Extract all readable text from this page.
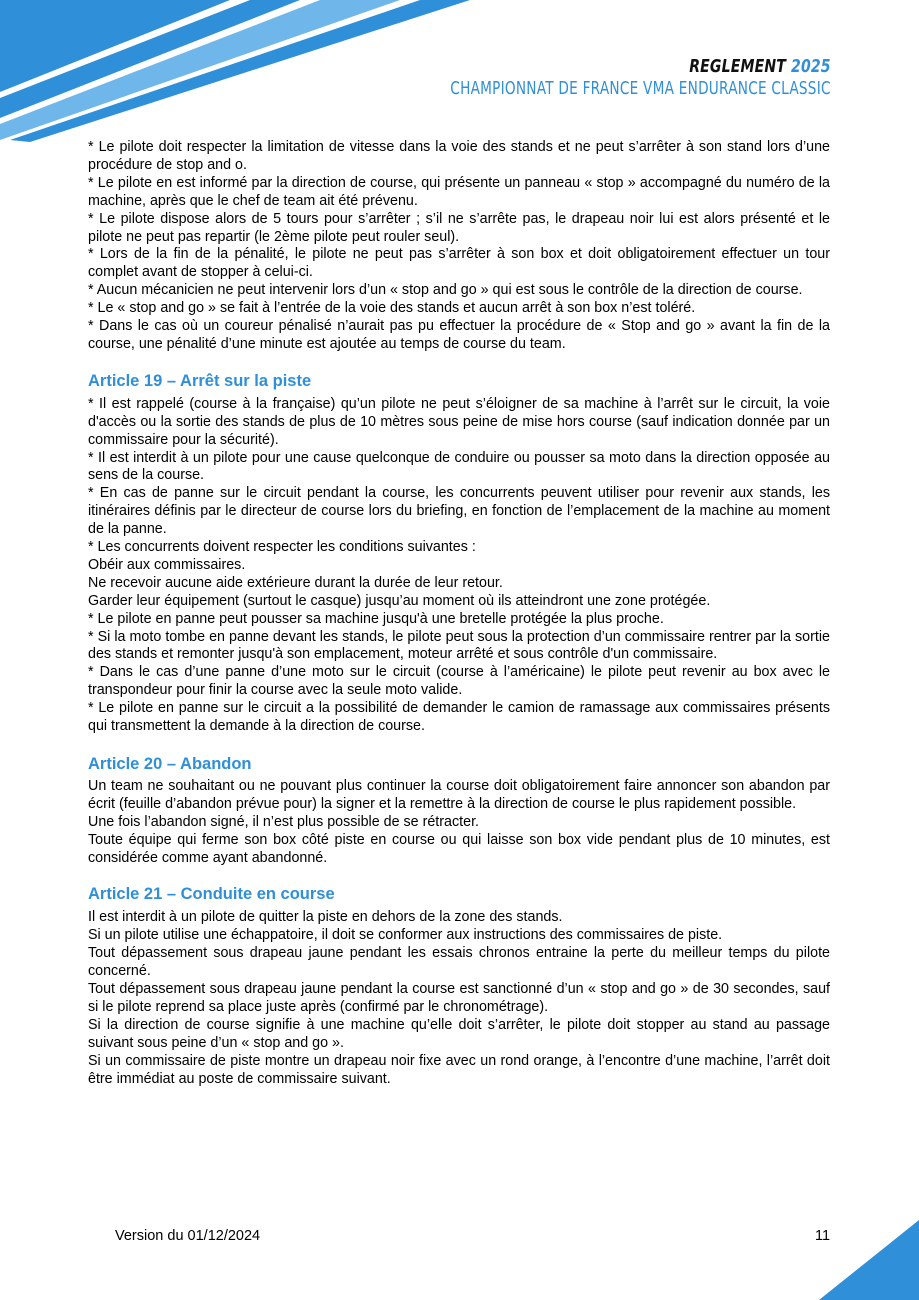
REGLEMENT 2025
CHAMPIONNAT DE FRANCE VMA ENDURANCE CLASSIC

* Le pilote doit respecter la limitation de vitesse dans la voie des stands et ne peut s’arrêter à son stand lors d’une procédure de stop and o.

* Le pilote en est informé par la direction de course, qui présente un panneau « stop » accompagné du numéro de la machine, après que le chef de team ait été prévenu.

* Le pilote dispose alors de 5 tours pour s’arrêter ; s’il ne s’arrête pas, le drapeau noir lui est alors présenté et le pilote ne peut pas repartir (le 2ème pilote peut rouler seul).

* Lors de la fin de la pénalité, le pilote ne peut pas s’arrêter à son box et doit obligatoirement effectuer un tour complet avant de stopper à celui-ci.

* Aucun mécanicien ne peut intervenir lors d’un « stop and go » qui est sous le contrôle de la direction de course.

* Le « stop and go » se fait à l’entrée de la voie des stands et aucun arrêt à son box n’est toléré.

* Dans le cas où un coureur pénalisé n’aurait pas pu effectuer la procédure de « Stop and go » avant la fin de la course, une pénalité d’une minute est ajoutée au temps de course du team.

Article 19 – Arrêt sur la piste

* Il est rappelé (course à la française) qu’un pilote ne peut s’éloigner de sa machine à l’arrêt sur le circuit, la voie d'accès ou la sortie des stands de plus de 10 mètres sous peine de mise hors course (sauf indication donnée par un commissaire pour la sécurité).

* Il est interdit à un pilote pour une cause quelconque de conduire ou pousser sa moto dans la direction opposée au sens de la course.

* En cas de panne sur le circuit pendant la course, les concurrents peuvent utiliser pour revenir aux stands, les itinéraires définis par le directeur de course lors du briefing, en fonction de l’emplacement de la machine au moment de la panne.

* Les concurrents doivent respecter les conditions suivantes :

Obéir aux commissaires.

Ne recevoir aucune aide extérieure durant la durée de leur retour.

Garder leur équipement (surtout le casque) jusqu’au moment où ils atteindront une zone protégée.

* Le pilote en panne peut pousser sa machine jusqu'à une bretelle protégée la plus proche.

* Si la moto tombe en panne devant les stands, le pilote peut sous la protection d’un commissaire rentrer par la sortie des stands et remonter jusqu'à son emplacement, moteur arrêté et sous contrôle d'un commissaire.

* Dans le cas d’une panne d’une moto sur le circuit (course à l’américaine) le pilote peut revenir au box avec le transpondeur pour finir la course avec la seule moto valide.

* Le pilote en panne sur le circuit a la possibilité de demander le camion de ramassage aux commissaires présents qui transmettent la demande à la direction de course.

Article 20 – Abandon

Un team ne souhaitant ou ne pouvant plus continuer la course doit obligatoirement faire annoncer son abandon par écrit (feuille d’abandon prévue pour) la signer et la remettre à la direction de course le plus rapidement possible.

Une fois l’abandon signé, il n’est plus possible de se rétracter.

Toute équipe qui ferme son box côté piste en course ou qui laisse son box vide pendant plus de 10 minutes, est considérée comme ayant abandonné.

Article 21 – Conduite en course

Il est interdit à un pilote de quitter la piste en dehors de la zone des stands.

Si un pilote utilise une échappatoire, il doit se conformer aux instructions des commissaires de piste.

Tout dépassement sous drapeau jaune pendant les essais chronos entraine la perte du meilleur temps du pilote concerné.

Tout dépassement sous drapeau jaune pendant la course est sanctionné d’un « stop and go » de 30 secondes, sauf si le pilote reprend sa place juste après (confirmé par le chronométrage).

Si la direction de course signifie à une machine qu’elle doit s’arrêter, le pilote doit stopper au stand au passage suivant sous peine d’un « stop and go ».

Si un commissaire de piste montre un drapeau noir fixe avec un rond orange, à l’encontre d’une machine, l’arrêt doit être immédiat au poste de commissaire suivant.

Version du 01/12/2024	11
